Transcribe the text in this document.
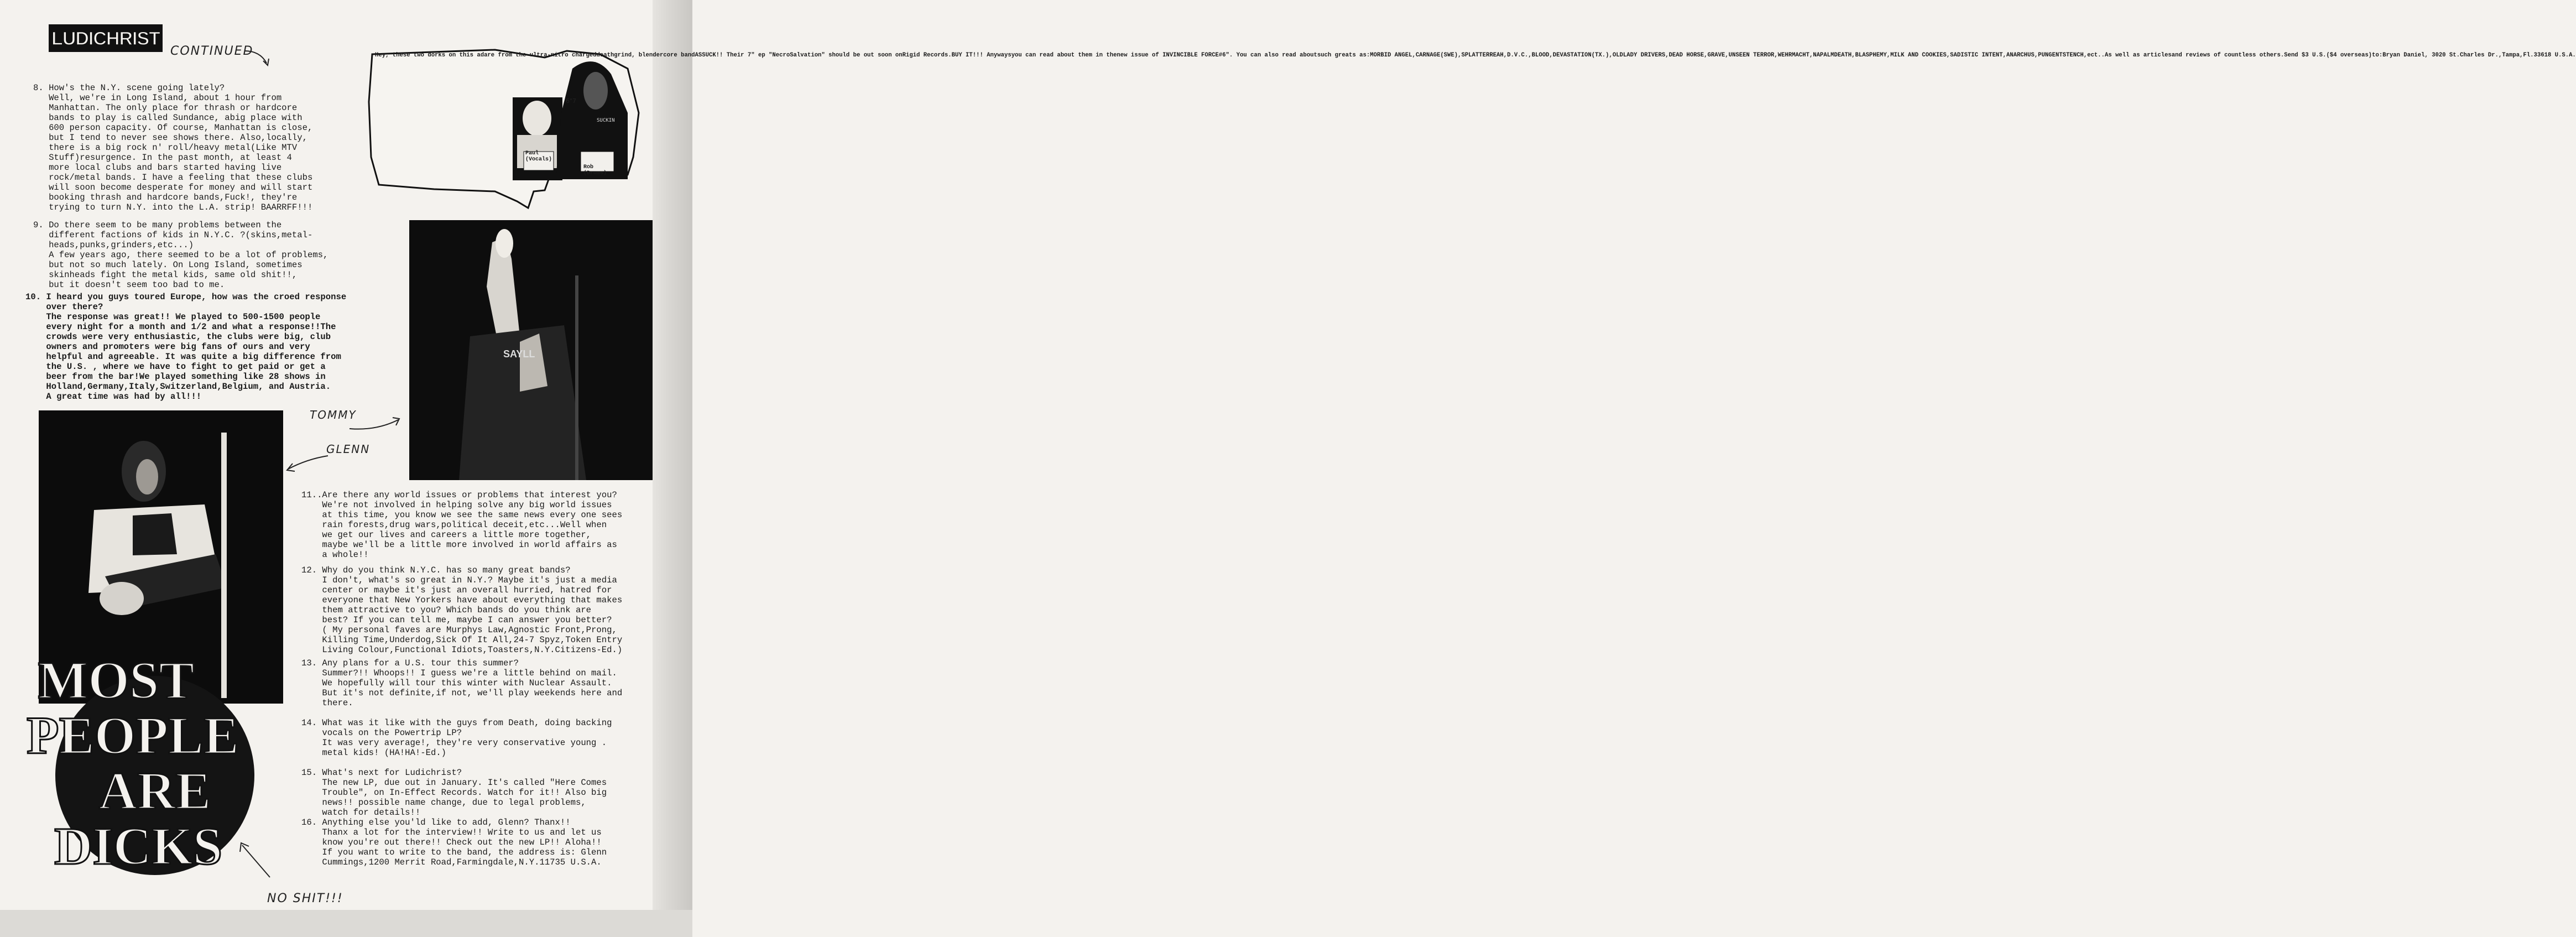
LUDICHRIST
CONTINUED
6"7
SUCKIN
Hey, these two dorks on this adare from the ultra-nitro chargeddeathgrind, blendercore bandASSUCK!! Their 7" ep "NecroSalvation" should be out soon onRigid Records.BUY IT!!! Anywaysyou can read about them in thenew issue of INVINCIBLE FORCE#6". You can also read aboutsuch greats as:MORBID ANGEL,CARNAGE(SWE),SPLATTERREAH,D.V.C.,BLOOD,DEVASTATION(TX.),OLDLADY DRIVERS,DEAD HORSE,GRAVE,UNSEEN TERROR,WEHRMACHT,NAPALMDEATH,BLASPHEMY,MILK AND COOKIES,SADISTIC INTENT,ANARCHUS,PUNGENTSTENCH,ect..As well as articlesand reviews of countless others.Send $3 U.S.($4 overseas)to:Bryan Daniel, 3020 St.Charles Dr.,Tampa,Fl.33618 U.S.A.
Paul
(Vocals)
Rob
(Drums)
8. How's the N.Y. scene going lately?
Well, we're in Long Island, about 1 hour from
Manhattan. The only place for thrash or hardcore
bands to play is called Sundance, abig place with
600 person capacity. Of course, Manhattan is close,
but I tend to never see shows there. Also,locally,
there is a big rock n' roll/heavy metal(Like MTV
Stuff)resurgence. In the past month, at least 4
more local clubs and bars started having live
rock/metal bands. I have a feeling that these clubs
will soon become desperate for money and will start
booking thrash and hardcore bands,Fuck!, they're
trying to turn N.Y. into the L.A. strip! BAARRFF!!!
9. Do there seem to be many problems between the
different factions of kids in N.Y.C. ?(skins,metal-
heads,punks,grinders,etc...)
A few years ago, there seemed to be a lot of problems,
but not so much lately. On Long Island, sometimes
skinheads fight the metal kids, same old shit!!,
but it doesn't seem too bad to me.
10. I heard you guys toured Europe, how was the croed response
over there?
The response was great!! We played to 500-1500 people
every night for a month and 1/2 and what a response!!The
crowds were very enthusiastic, the clubs were big, club
owners and promoters were big fans of ours and very
helpful and agreeable. It was quite a big difference from
the U.S. , where we have to fight to get paid or get a
beer from the bar!We played something like 28 shows in
Holland,Germany,Italy,Switzerland,Belgium, and Austria.
A great time was had by all!!!
SAYLL
TOMMY
GLENN
11..Are there any world issues or problems that interest you?
We're not involved in helping solve any big world issues
at this time, you know we see the same news every one sees
rain forests,drug wars,political deceit,etc...Well when
we get our lives and careers a little more together,
maybe we'll be a little more involved in world affairs as
a whole!!
12. Why do you think N.Y.C. has so many great bands?
I don't, what's so great in N.Y.? Maybe it's just a media
center or maybe it's just an overall hurried, hatred for
everyone that New Yorkers have about everything that makes
them attractive to you? Which bands do you think are
best? If you can tell me, maybe I can answer you better?
( My personal faves are Murphys Law,Agnostic Front,Prong,
Killing Time,Underdog,Sick Of It All,24-7 Spyz,Token Entry
Living Colour,Functional Idiots,Toasters,N.Y.Citizens-Ed.)
13. Any plans for a U.S. tour this summer?
Summer?!! Whoops!! I guess we're a little behind on mail.
We hopefully will tour this winter with Nuclear Assault.
But it's not definite,if not, we'll play weekends here and
there.
14. What was it like with the guys from Death, doing backing
vocals on the Powertrip LP?
It was very average!, they're very conservative young .
metal kids! (HA!HA!-Ed.)
15. What's next for Ludichrist?
The new LP, due out in January. It's called "Here Comes
Trouble", on In-Effect Records. Watch for it!! Also big
news!! possible name change, due to legal problems,
watch for details!!
16. Anything else you'ld like to add, Glenn? Thanx!!
Thanx a lot for the interview!! Write to us and let us
know you're out there!! Check out the new LP!! Aloha!!
If you want to write to the band, the address is: Glenn
Cummings,1200 Merrit Road,Farmingdale,N.Y.11735 U.S.A.
MOST
PEOPLE
ARE
DICKS
NO SHIT!!!
